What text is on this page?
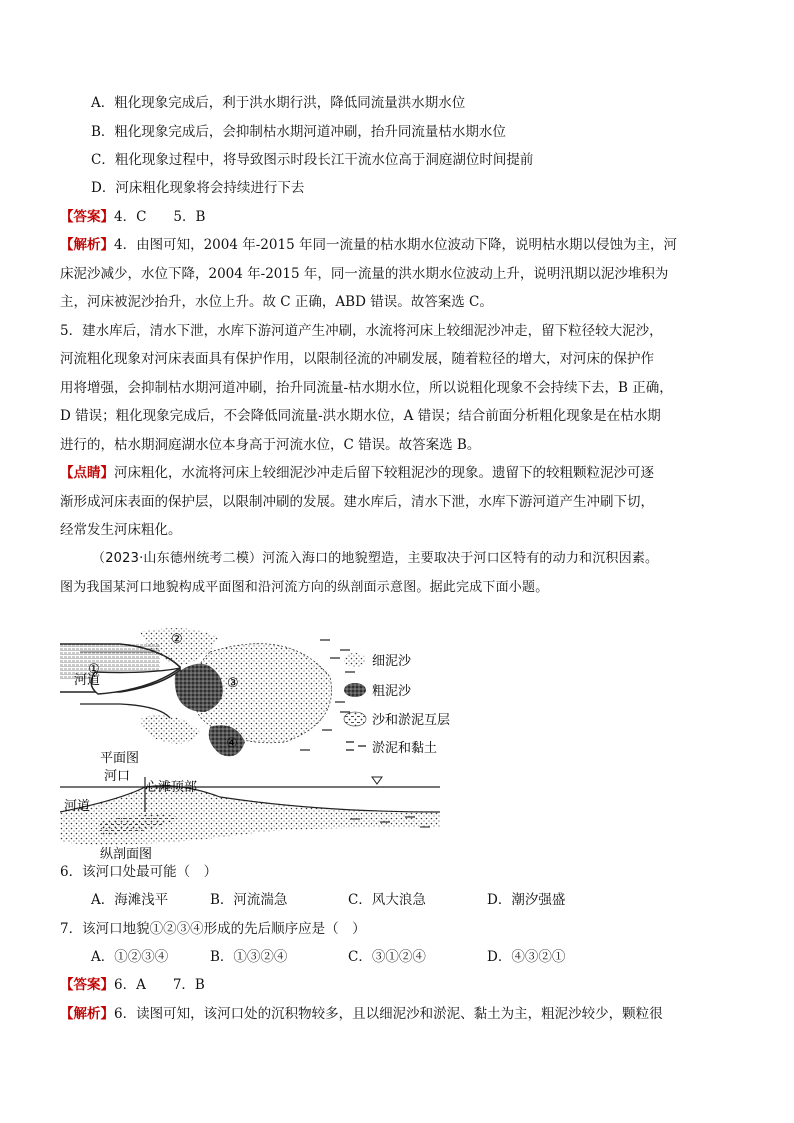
A．粗化现象完成后，利于洪水期行洪，降低同流量洪水期水位
B．粗化现象完成后，会抑制枯水期河道冲刷，抬升同流量枯水期水位
C．粗化现象过程中，将导致图示时段长江干流水位高于洞庭湖位时间提前
D．河床粗化现象将会持续进行下去
【答案】4．C　　5．B
【解析】4．由图可知，2004 年-2015 年同一流量的枯水期水位波动下降，说明枯水期以侵蚀为主，河
床泥沙减少，水位下降，2004 年-2015 年，同一流量的洪水期水位波动上升，说明汛期以泥沙堆积为
主，河床被泥沙抬升，水位上升。故 C 正确，ABD 错误。故答案选 C。
5．建水库后，清水下泄，水库下游河道产生冲刷，水流将河床上较细泥沙冲走，留下粒径较大泥沙，
河流粗化现象对河床表面具有保护作用，以限制径流的冲刷发展，随着粒径的增大，对河床的保护作
用将增强，会抑制枯水期河道冲刷，抬升同流量-枯水期水位，所以说粗化现象不会持续下去，B 正确，
D 错误；粗化现象完成后，不会降低同流量-洪水期水位，A 错误；结合前面分析粗化现象是在枯水期
进行的，枯水期洞庭湖水位本身高于河流水位，C 错误。故答案选 B。
【点睛】河床粗化，水流将河床上较细泥沙冲走后留下较粗泥沙的现象。遗留下的较粗颗粒泥沙可逐
渐形成河床表面的保护层，以限制冲刷的发展。建水库后，清水下泄，水库下游河道产生冲刷下切，
经常发生河床粗化。
（2023·山东德州统考二模）河流入海口的地貌塑造，主要取决于河口区特有的动力和沉积因素。
图为我国某河口地貌构成平面图和沿河流方向的纵剖面示意图。据此完成下面小题。
①
②
③
④
河道
平面图
细泥沙
粗泥沙
沙和淤泥互层
淤泥和黏土
河口
心滩顶部
河道
纵剖面图
6．该河口处最可能（　）
A．海滩浅平	B．河流湍急	C．风大浪急	D．潮汐强盛
7．该河口地貌①②③④形成的先后顺序应是（　）
A．①②③④	B．①③②④	C．③①②④	D．④③②①
【答案】6．A　　7．B
【解析】6．读图可知，该河口处的沉积物较多，且以细泥沙和淤泥、黏土为主，粗泥沙较少，颗粒很
